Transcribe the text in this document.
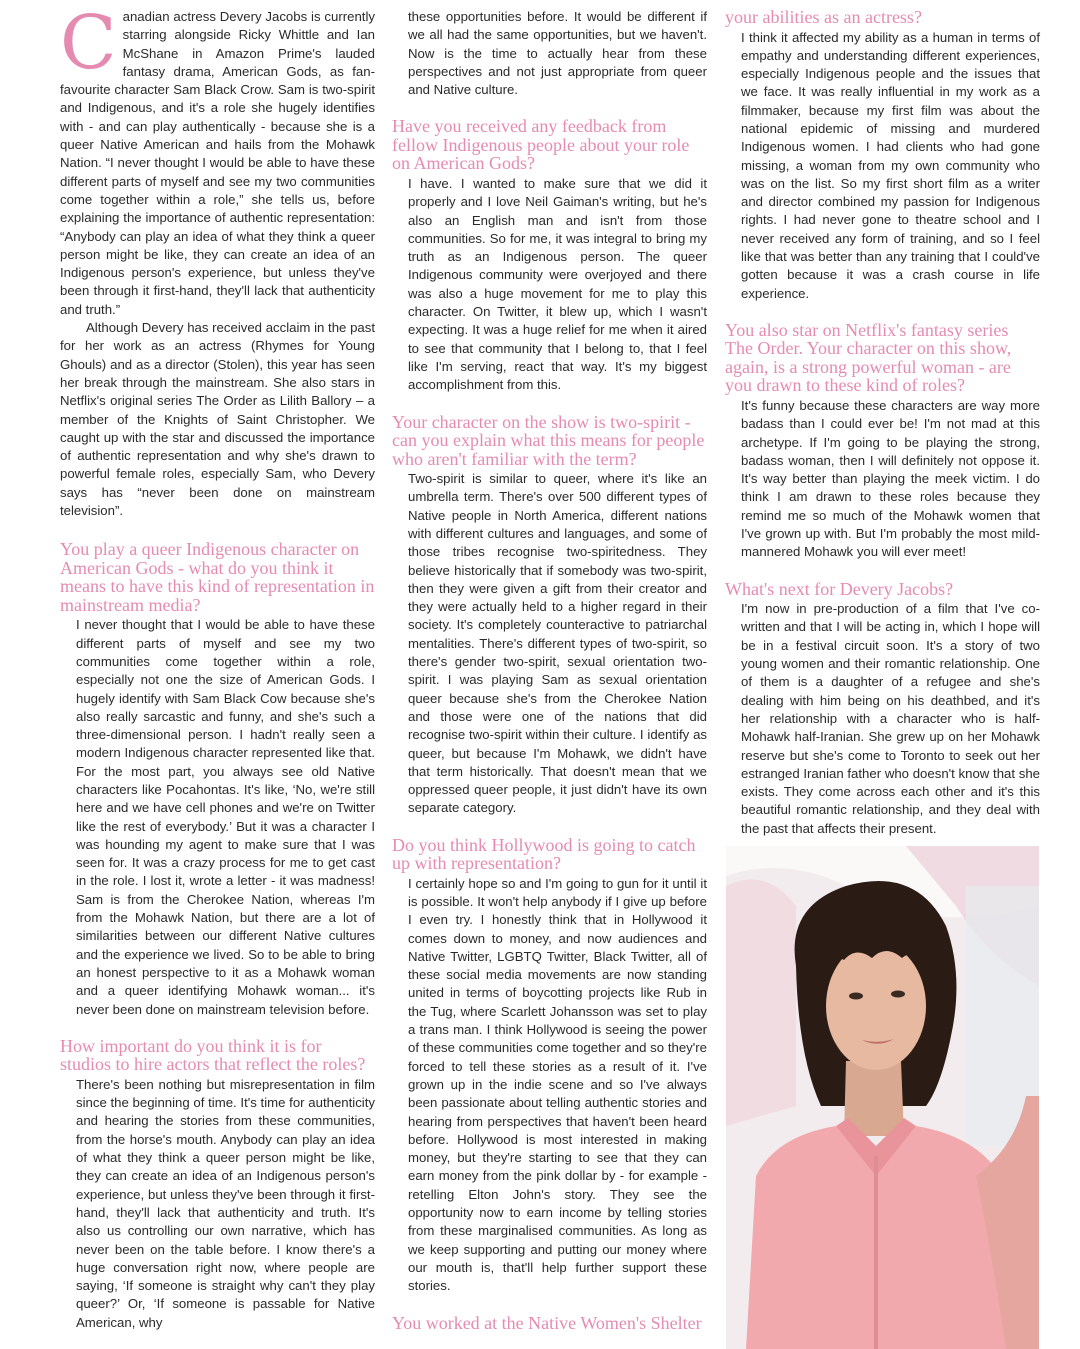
Canadian actress Devery Jacobs is currently starring alongside Ricky Whittle and Ian McShane in Amazon Prime's lauded fantasy drama, American Gods, as fan-favourite character Sam Black Crow. Sam is two-spirit and Indigenous, and it's a role she hugely identifies with - and can play authentically - because she is a queer Native American and hails from the Mohawk Nation. “I never thought I would be able to have these different parts of myself and see my two communities come together within a role,” she tells us, before explaining the importance of authentic representation: “Anybody can play an idea of what they think a queer person might be like, they can create an idea of an Indigenous person's experience, but unless they've been through it first-hand, they'll lack that authenticity and truth.”

Although Devery has received acclaim in the past for her work as an actress (Rhymes for Young Ghouls) and as a director (Stolen), this year has seen her break through the mainstream. She also stars in Netflix's original series The Order as Lilith Ballory – a member of the Knights of Saint Christopher. We caught up with the star and discussed the importance of authentic representation and why she's drawn to powerful female roles, especially Sam, who Devery says has “never been done on mainstream television”.

You play a queer Indigenous character on American Gods - what do you think it means to have this kind of representation in mainstream media?

I never thought that I would be able to have these different parts of myself and see my two communities come together within a role, especially not one the size of American Gods. I hugely identify with Sam Black Cow because she's also really sarcastic and funny, and she's such a three-dimensional person. I hadn't really seen a modern Indigenous character represented like that. For the most part, you always see old Native characters like Pocahontas. It's like, ‘No, we're still here and we have cell phones and we're on Twitter like the rest of everybody.’ But it was a character I was hounding my agent to make sure that I was seen for. It was a crazy process for me to get cast in the role. I lost it, wrote a letter - it was madness! Sam is from the Cherokee Nation, whereas I'm from the Mohawk Nation, but there are a lot of similarities between our different Native cultures and the experience we lived. So to be able to bring an honest perspective to it as a Mohawk woman and a queer identifying Mohawk woman... it's never been done on mainstream television before.

How important do you think it is for studios to hire actors that reflect the roles?

There's been nothing but misrepresentation in film since the beginning of time. It's time for authenticity and hearing the stories from these communities, from the horse's mouth. Anybody can play an idea of what they think a queer person might be like, they can create an idea of an Indigenous person's experience, but unless they've been through it first-hand, they'll lack that authenticity and truth. It's also us controlling our own narrative, which has never been on the table before. I know there's a huge conversation right now, where people are saying, ‘If someone is straight why can't they play queer?’ Or, ‘If someone is passable for Native American, why

these opportunities before. It would be different if we all had the same opportunities, but we haven't. Now is the time to actually hear from these perspectives and not just appropriate from queer and Native culture.

Have you received any feedback from fellow Indigenous people about your role on American Gods?

I have. I wanted to make sure that we did it properly and I love Neil Gaiman's writing, but he's also an English man and isn't from those communities. So for me, it was integral to bring my truth as an Indigenous person. The queer Indigenous community were overjoyed and there was also a huge movement for me to play this character. On Twitter, it blew up, which I wasn't expecting. It was a huge relief for me when it aired to see that community that I belong to, that I feel like I'm serving, react that way. It's my biggest accomplishment from this.

Your character on the show is two-spirit - can you explain what this means for people who aren't familiar with the term?

Two-spirit is similar to queer, where it's like an umbrella term. There's over 500 different types of Native people in North America, different nations with different cultures and languages, and some of those tribes recognise two-spiritedness. They believe historically that if somebody was two-spirit, then they were given a gift from their creator and they were actually held to a higher regard in their society. It's completely counteractive to patriarchal mentalities. There's different types of two-spirit, so there's gender two-spirit, sexual orientation two-spirit. I was playing Sam as sexual orientation queer because she's from the Cherokee Nation and those were one of the nations that did recognise two-spirit within their culture. I identify as queer, but because I'm Mohawk, we didn't have that term historically. That doesn't mean that we oppressed queer people, it just didn't have its own separate category.

Do you think Hollywood is going to catch up with representation?

I certainly hope so and I'm going to gun for it until it is possible. It won't help anybody if I give up before I even try. I honestly think that in Hollywood it comes down to money, and now audiences and Native Twitter, LGBTQ Twitter, Black Twitter, all of these social media movements are now standing united in terms of boycotting projects like Rub in the Tug, where Scarlett Johansson was set to play a trans man. I think Hollywood is seeing the power of these communities come together and so they're forced to tell these stories as a result of it. I've grown up in the indie scene and so I've always been passionate about telling authentic stories and hearing from perspectives that haven't been heard before. Hollywood is most interested in making money, but they're starting to see that they can earn money from the pink dollar by - for example - retelling Elton John's story. They see the opportunity now to earn income by telling stories from these marginalised communities. As long as we keep supporting and putting our money where our mouth is, that'll help further support these stories.

You worked at the Native Women's Shelter
your abilities as an actress?

I think it affected my ability as a human in terms of empathy and understanding different experiences, especially Indigenous people and the issues that we face. It was really influential in my work as a filmmaker, because my first film was about the national epidemic of missing and murdered Indigenous women. I had clients who had gone missing, a woman from my own community who was on the list. So my first short film as a writer and director combined my passion for Indigenous rights. I had never gone to theatre school and I never received any form of training, and so I feel like that was better than any training that I could've gotten because it was a crash course in life experience.

You also star on Netflix's fantasy series The Order. Your character on this show, again, is a strong powerful woman - are you drawn to these kind of roles?

It's funny because these characters are way more badass than I could ever be! I'm not mad at this archetype. If I'm going to be playing the strong, badass woman, then I will definitely not oppose it. It's way better than playing the meek victim. I do think I am drawn to these roles because they remind me so much of the Mohawk women that I've grown up with. But I'm probably the most mild-mannered Mohawk you will ever meet!

What's next for Devery Jacobs?

I'm now in pre-production of a film that I've co-written and that I will be acting in, which I hope will be in a festival circuit soon. It's a story of two young women and their romantic relationship. One of them is a daughter of a refugee and she's dealing with him being on his deathbed, and it's her relationship with a character who is half-Mohawk half-Iranian. She grew up on her Mohawk reserve but she's come to Toronto to seek out her estranged Iranian father who doesn't know that she exists. They come across each other and it's this beautiful romantic relationship, and they deal with the past that affects their present.
